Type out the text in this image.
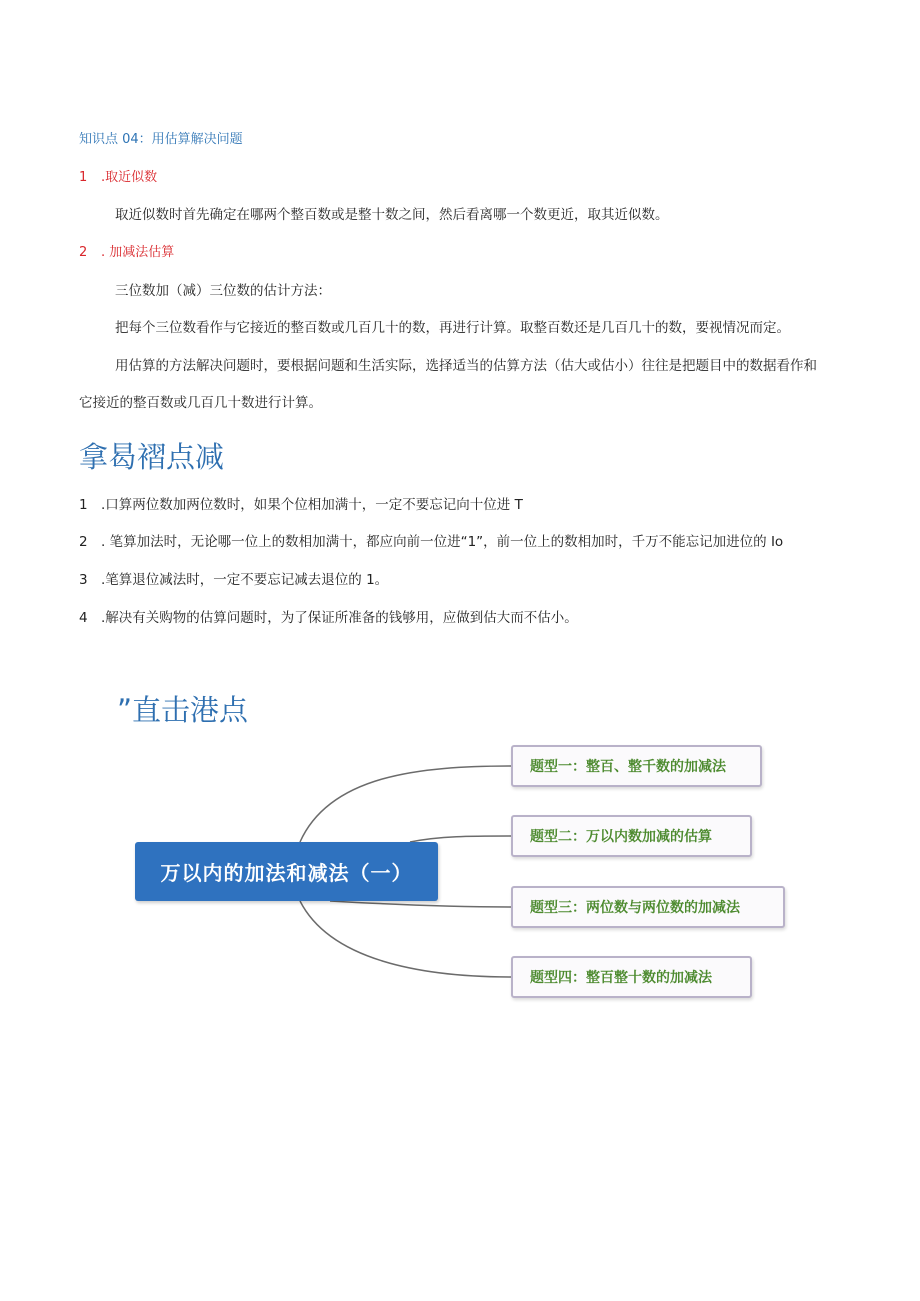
知识点 04：用估算解决问题
1 .取近似数
取近似数时首先确定在哪两个整百数或是整十数之间，然后看离哪一个数更近，取其近似数。
2 . 加减法估算
三位数加（减）三位数的估计方法：
把每个三位数看作与它接近的整百数或几百几十的数，再进行计算。取整百数还是几百几十的数，要视情况而定。
用估算的方法解决问题时，要根据问题和生活实际，选择适当的估算方法（估大或估小）往往是把题目中的数据看作和
它接近的整百数或几百几十数进行计算。
拿曷褶点减
1 .口算两位数加两位数时，如果个位相加满十，一定不要忘记向十位进 T
2 . 笔算加法时，无论哪一位上的数相加满十，都应向前一位进“1”，前一位上的数相加时，千万不能忘记加进位的 Io
3 .笔算退位减法时，一定不要忘记减去退位的 1。
4 .解决有关购物的估算问题时，为了保证所准备的钱够用，应做到估大而不估小。
”直击港点
万以内的加法和减法（一）
题型一：整百、整千数的加减法
题型二：万以内数加减的估算
题型三：两位数与两位数的加减法
题型四：整百整十数的加减法
